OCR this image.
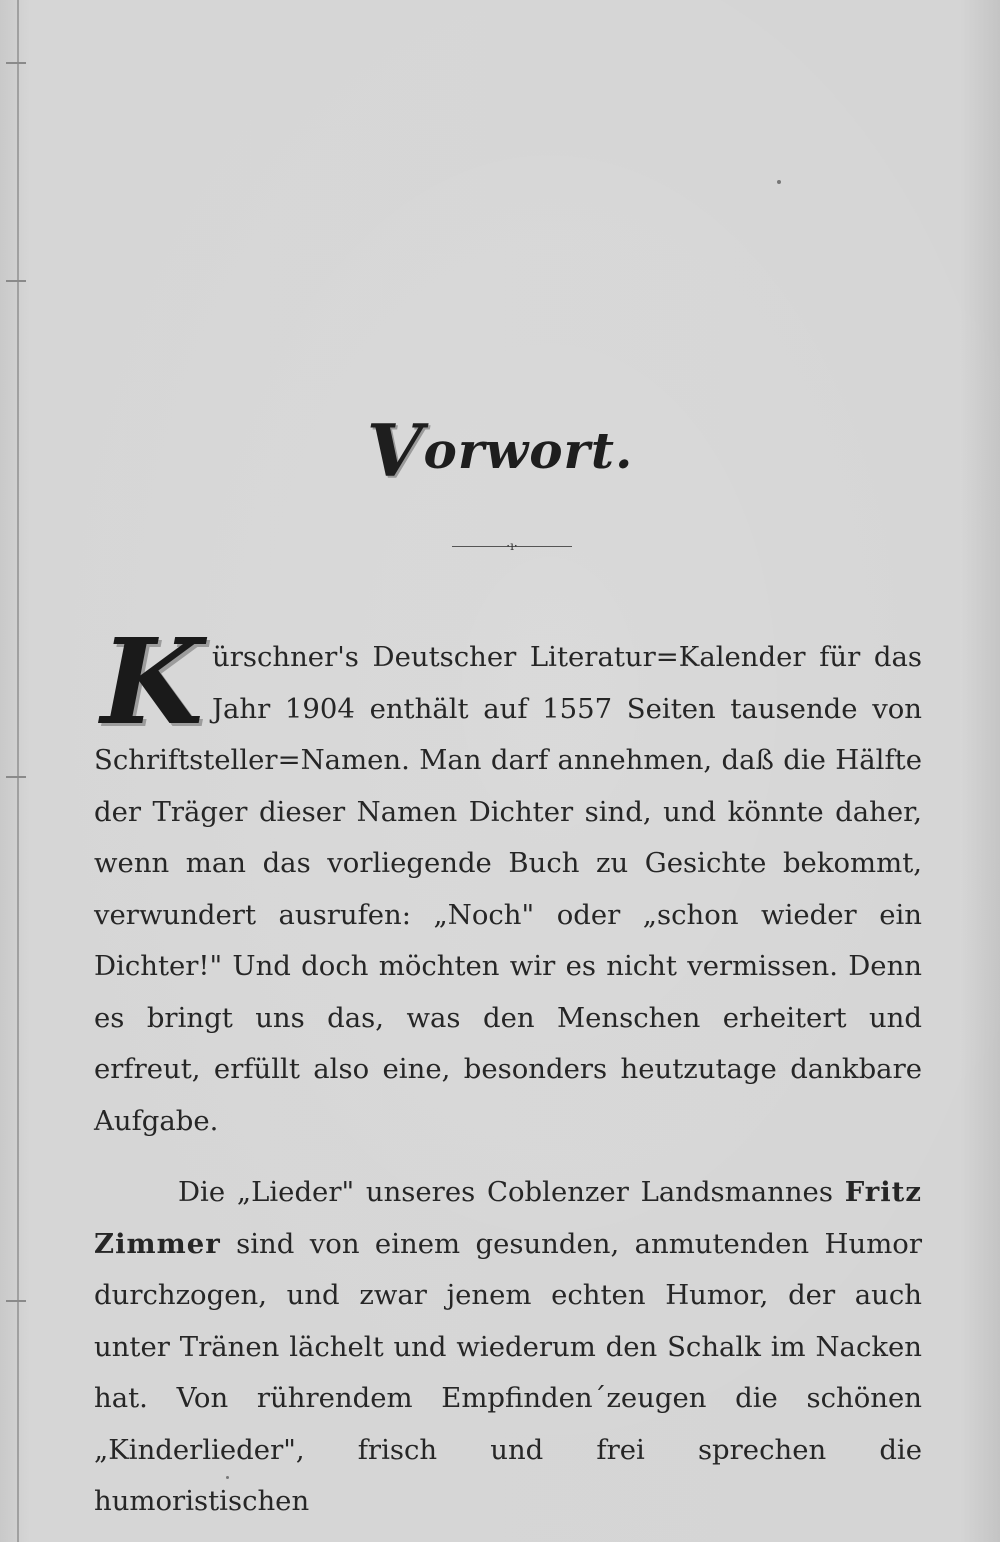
Vorwort.
·ı·

Kürschner's Deutscher Literatur=Kalender für das Jahr 1904 enthält auf 1557 Seiten tausende von Schriftsteller=Namen. Man darf annehmen, daß die Hälfte der Träger dieser Namen Dichter sind, und könnte daher, wenn man das vorliegende Buch zu Gesichte bekommt, verwundert ausrufen: „Noch" oder „schon wieder ein Dichter!" Und doch möchten wir es nicht vermissen. Denn es bringt uns das, was den Menschen erheitert und erfreut, erfüllt also eine, besonders heutzutage dankbare Aufgabe.

Die „Lieder" unseres Coblenzer Landsmannes Fritz Zimmer sind von einem gesunden, anmutenden Humor durchzogen, und zwar jenem echten Humor, der auch unter Tränen lächelt und wiederum den Schalk im Nacken hat. Von rührendem Empfinden´zeugen die schönen „Kinderlieder", frisch und frei sprechen die humoristischen
